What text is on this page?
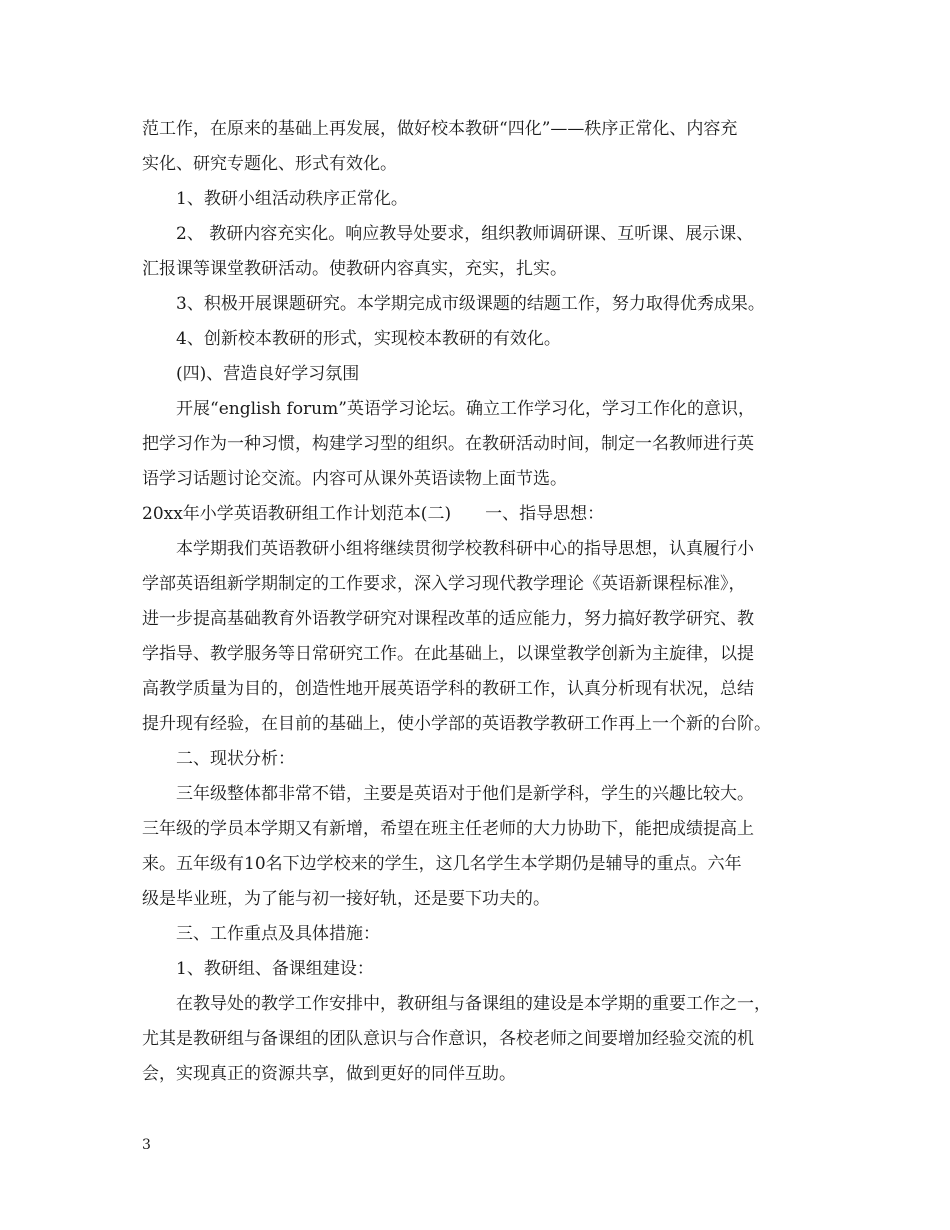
范工作，在原来的基础上再发展，做好校本教研“四化”——秩序正常化、内容充
实化、研究专题化、形式有效化。
1、教研小组活动秩序正常化。
2、 教研内容充实化。响应教导处要求，组织教师调研课、互听课、展示课、
汇报课等课堂教研活动。使教研内容真实，充实，扎实。
3、积极开展课题研究。本学期完成市级课题的结题工作，努力取得优秀成果。
4、创新校本教研的形式，实现校本教研的有效化。
(四)、营造良好学习氛围
开展“english forum”英语学习论坛。确立工作学习化，学习工作化的意识，
把学习作为一种习惯，构建学习型的组织。在教研活动时间，制定一名教师进行英
语学习话题讨论交流。内容可从课外英语读物上面节选。
20xx年小学英语教研组工作计划范本(二)　　一、指导思想：
本学期我们英语教研小组将继续贯彻学校教科研中心的指导思想，认真履行小
学部英语组新学期制定的工作要求，深入学习现代教学理论《英语新课程标准》，
进一步提高基础教育外语教学研究对课程改革的适应能力，努力搞好教学研究、教
学指导、教学服务等日常研究工作。在此基础上，以课堂教学创新为主旋律，以提
高教学质量为目的，创造性地开展英语学科的教研工作，认真分析现有状况，总结
提升现有经验，在目前的基础上，使小学部的英语教学教研工作再上一个新的台阶。
二、现状分析：
三年级整体都非常不错，主要是英语对于他们是新学科，学生的兴趣比较大。
三年级的学员本学期又有新增，希望在班主任老师的大力协助下，能把成绩提高上
来。五年级有10名下边学校来的学生，这几名学生本学期仍是辅导的重点。六年
级是毕业班，为了能与初一接好轨，还是要下功夫的。
三、工作重点及具体措施：
1、教研组、备课组建设：
在教导处的教学工作安排中，教研组与备课组的建设是本学期的重要工作之一，
尤其是教研组与备课组的团队意识与合作意识，各校老师之间要增加经验交流的机
会，实现真正的资源共享，做到更好的同伴互助。
3
